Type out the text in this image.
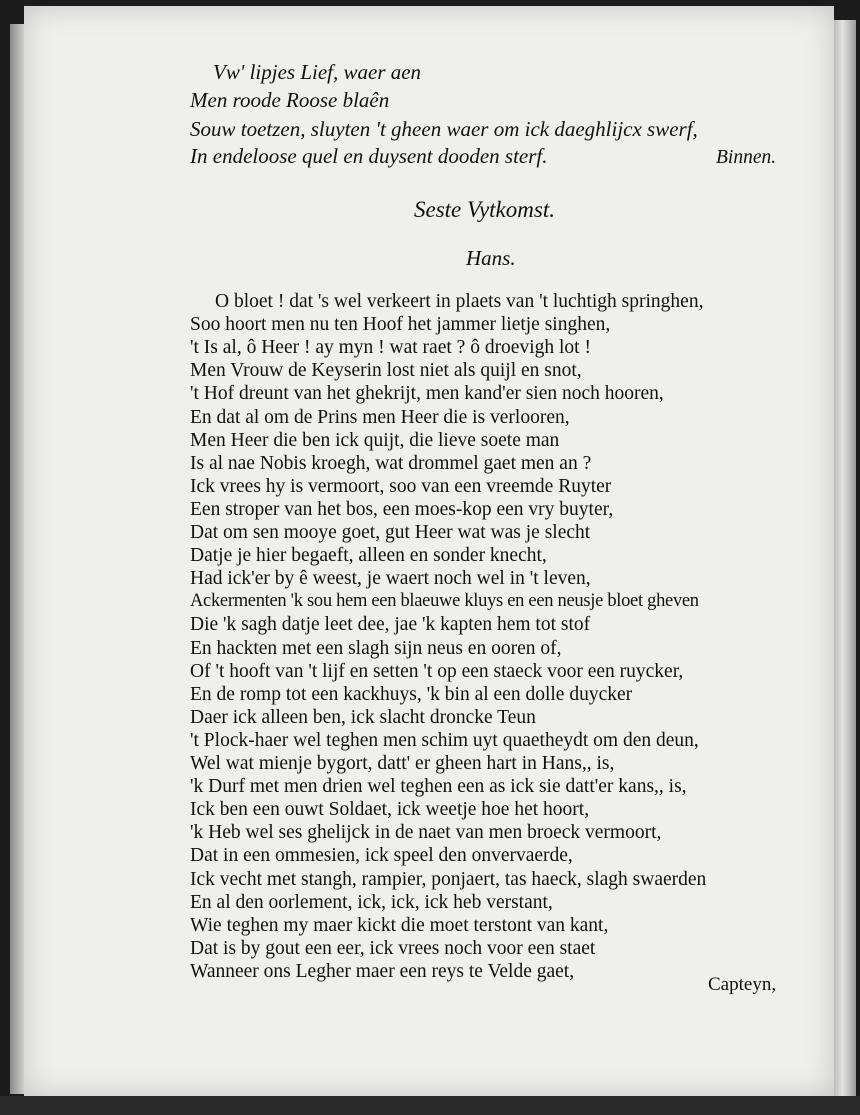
Vw' lipjes Lief, waer aen
Men roode Roose blaên
Souw toetzen, sluyten 't gheen waer om ick daeghlijcx swerf,
In endeloose quel en duysent dooden sterf.	Binnen.
Seste Vytkomst.
Hans.
O bloet ! dat 's wel verkeert in plaets van 't luchtigh springhen,
Soo hoort men nu ten Hoof het jammer lietje singhen,
't Is al, ô Heer ! ay myn ! wat raet ? ô droevigh lot !
Men Vrouw de Keyserin lost niet als quijl en snot,
't Hof dreunt van het ghekrijt, men kand'er sien noch hooren,
En dat al om de Prins men Heer die is verlooren,
Men Heer die ben ick quijt, die lieve soete man
Is al nae Nobis kroegh, wat drommel gaet men an ?
Ick vrees hy is vermoort, soo van een vreemde Ruyter
Een stroper van het bos, een moes-kop een vry buyter,
Dat om sen mooye goet, gut Heer wat was je slecht
Datje je hier begaeft, alleen en sonder knecht,
Had ick'er by ê weest, je waert noch wel in 't leven,
Ackermenten 'k sou hem een blaeuwe kluys en een neusje bloet gheven
Die 'k sagh datje leet dee, jae 'k kapten hem tot stof
En hackten met een slagh sijn neus en ooren of,
Of 't hooft van 't lijf en setten 't op een staeck voor een ruycker,
En de romp tot een kackhuys, 'k bin al een dolle duycker
Daer ick alleen ben, ick slacht droncke Teun
't Plock-haer wel teghen men schim uyt quaetheydt om den deun,
Wel wat mienje bygort, datt' er gheen hart in Hans,, is,
'k Durf met men drien wel teghen een as ick sie datt'er kans,, is,
Ick ben een ouwt Soldaet, ick weetje hoe het hoort,
'k Heb wel ses ghelijck in de naet van men broeck vermoort,
Dat in een ommesien, ick speel den onvervaerde,
Ick vecht met stangh, rampier, ponjaert, tas haeck, slagh swaerden
En al den oorlement, ick, ick, ick heb verstant,
Wie teghen my maer kickt die moet terstont van kant,
Dat is by gout een eer, ick vrees noch voor een staet
Wanneer ons Legher maer een reys te Velde gaet,
Capteyn,
